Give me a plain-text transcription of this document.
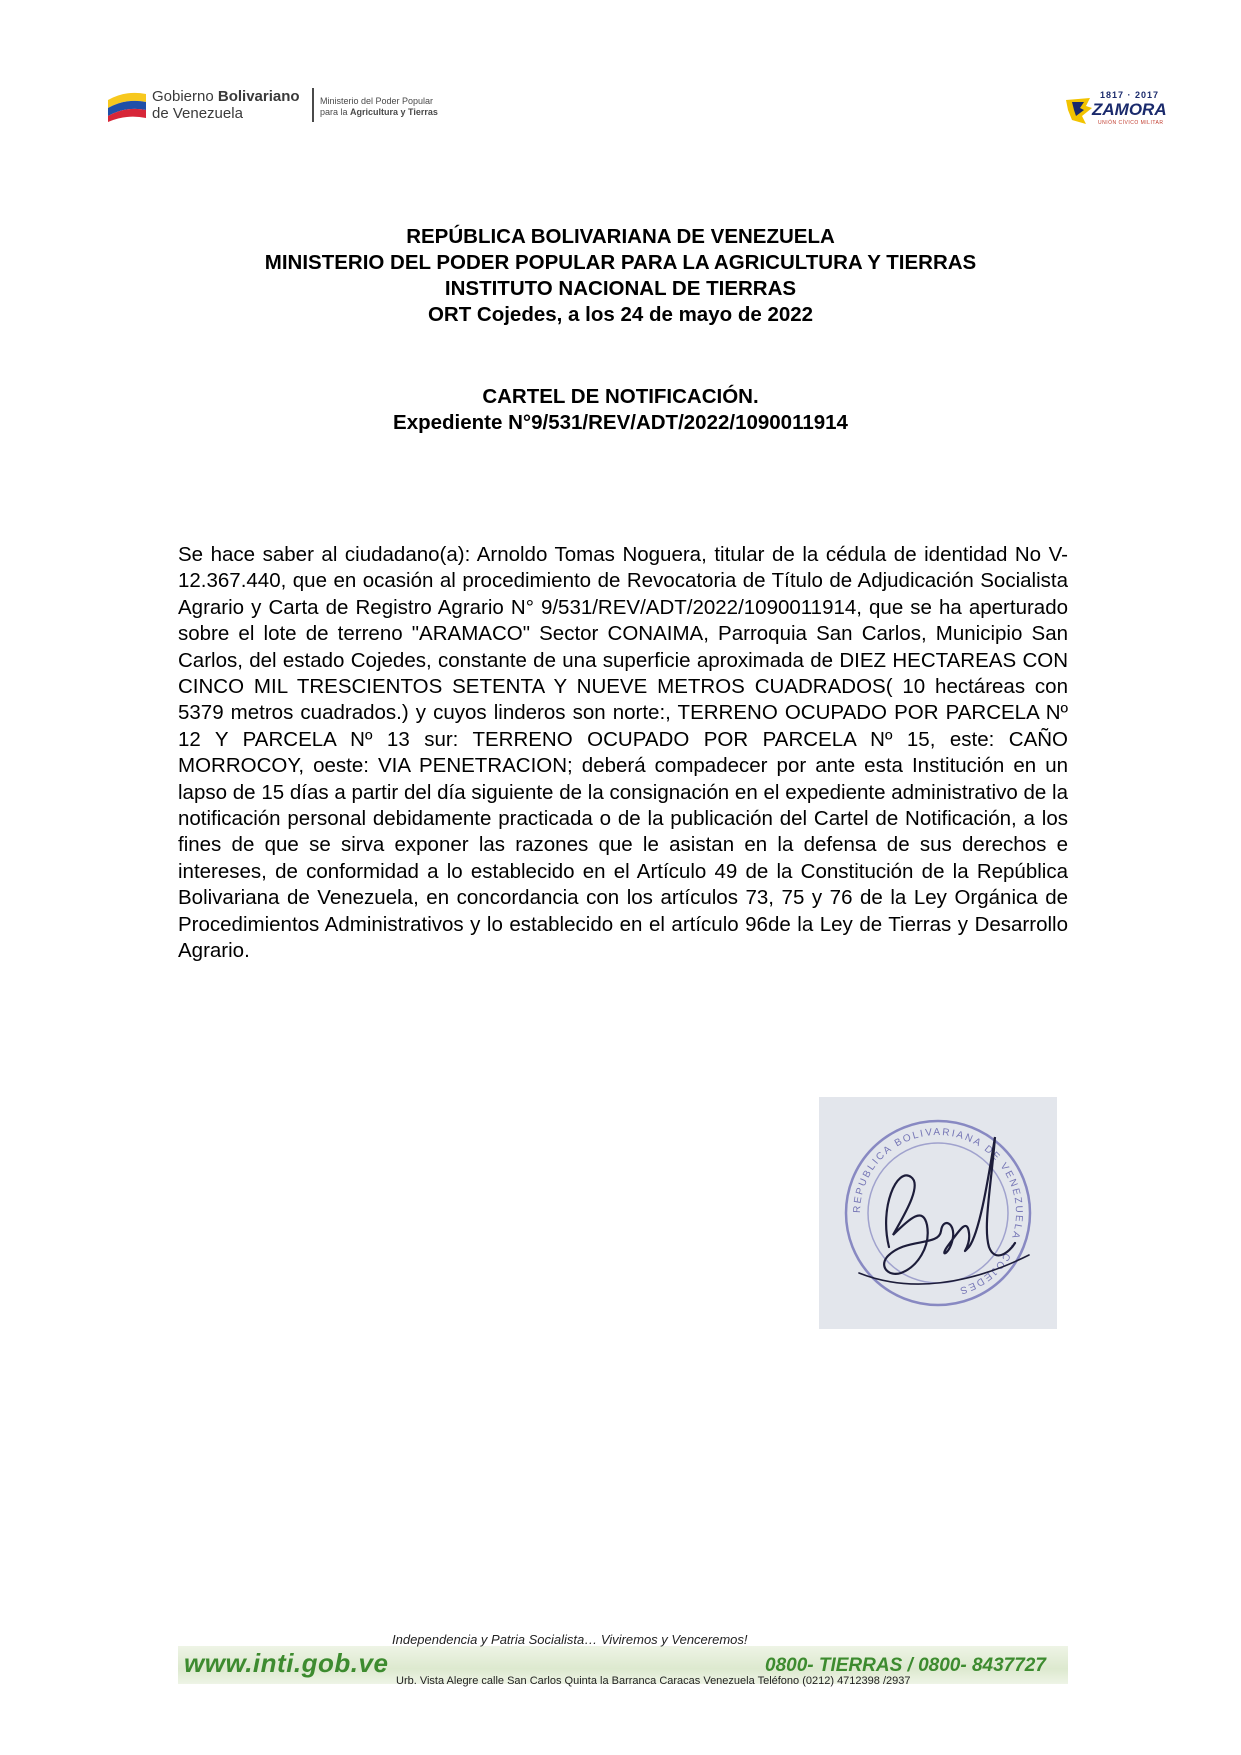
Gobierno Bolivariano
de Venezuela
Ministerio del Poder Popular
para la Agricultura y Tierras
1817 · 2017
ZAMORA
UNIÓN CÍVICO MILITAR
REPÚBLICA BOLIVARIANA DE VENEZUELA
MINISTERIO DEL PODER POPULAR PARA LA AGRICULTURA Y TIERRAS
INSTITUTO NACIONAL DE TIERRAS
ORT Cojedes, a los 24 de mayo de 2022
CARTEL DE NOTIFICACIÓN.
Expediente N°9/531/REV/ADT/2022/1090011914

Se hace saber al ciudadano(a): Arnoldo Tomas Noguera, titular de la cédula de identidad No V- 12.367.440, que en ocasión al procedimiento de Revocatoria de Título de Adjudicación Socialista Agrario y Carta de Registro Agrario N° 9/531/REV/ADT/2022/1090011914, que se ha aperturado sobre el lote de terreno "ARAMACO" Sector CONAIMA, Parroquia San Carlos, Municipio San Carlos, del estado Cojedes, constante de una superficie aproximada de DIEZ HECTAREAS CON CINCO MIL TRESCIENTOS SETENTA Y NUEVE METROS CUADRADOS( 10 hectáreas con 5379 metros cuadrados.) y cuyos linderos son norte:, TERRENO OCUPADO POR PARCELA Nº 12 Y PARCELA Nº 13 sur: TERRENO OCUPADO POR PARCELA Nº 15, este: CAÑO MORROCOY, oeste: VIA PENETRACION; deberá compadecer por ante esta Institución en un lapso de 15 días a partir del día siguiente de la consignación en el expediente administrativo de la notificación personal debidamente practicada o de la publicación del Cartel de Notificación, a los fines de que se sirva exponer las razones que le asistan en la defensa de sus derechos e intereses, de conformidad a lo establecido en el Artículo 49 de la Constitución de la República Bolivariana de Venezuela, en concordancia con los artículos 73, 75 y 76 de la Ley Orgánica de Procedimientos Administrativos y lo establecido en el artículo 96de la Ley de Tierras y Desarrollo Agrario.

REPUBLICA BOLIVARIANA DE VENEZUELA · COJEDES
www.inti.gob.ve
Independencia y Patria Socialista… Viviremos y Venceremos!
0800- TIERRAS / 0800- 8437727
Urb. Vista Alegre calle San Carlos Quinta la Barranca Caracas Venezuela Teléfono (0212) 4712398 /2937
